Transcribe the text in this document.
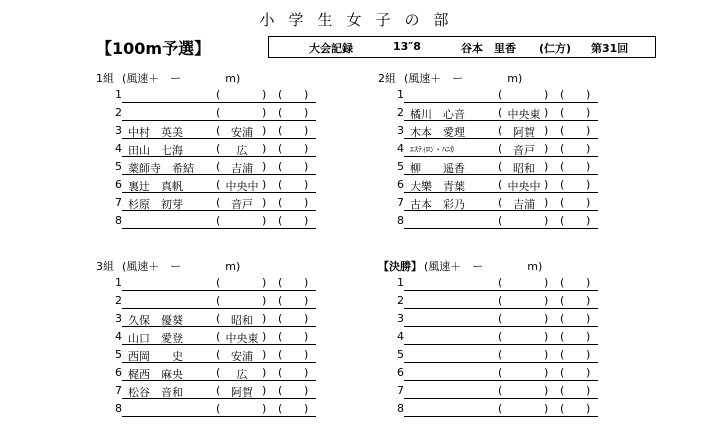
小学生女子の部
【100m予選】	大会記録	13″8	谷本　里香 (仁方) 第31回
1組 (風速＋　ー　　　　m)
1	(	) ( )
2	(	) ( )
3 中村　英美	( 安浦 ) ( )
4 田山　七海	(	広	) ( )
5 薬師寺　希結 ( 吉浦 ) ( )
6 裏辻　真帆	( 中央中 ) ( )
7 杉原　初芽	( 音戸 ) ( )
8	(	) ( )
2組 (風速＋　ー　　　　m)
1	(	) ( )
2 橘川　心音	( 中央東 ) ( )
3 木本　愛理	( 阿賀 ) ( )
4 ｴｽﾃｨﾛﾝ・ﾊﾆｶ	( 音戸 ) ( )
5 柳　　遥香	( 昭和 ) ( )
6 大樂　青葉	( 中央中 ) ( )
7 古本　彩乃	( 吉浦 ) ( )
8	(	) ( )
3組 (風速＋　ー　　　　m)
1	(	) ( )
2	(	) ( )
3 久保　優葵	( 昭和 ) ( )
4 山口　愛登	( 中央東 ) ( )
5 西岡　　史	( 安浦 ) ( )
6 梶西　麻央	(	広	) ( )
7 松谷　音和	( 阿賀 ) ( )
8	(	) ( )
【決勝】 (風速＋　ー　　　　m)
1	(	) ( )
2	(	) ( )
3	(	) ( )
4	(	) ( )
5	(	) ( )
6	(	) ( )
7	(	) ( )
8	(	) ( )
